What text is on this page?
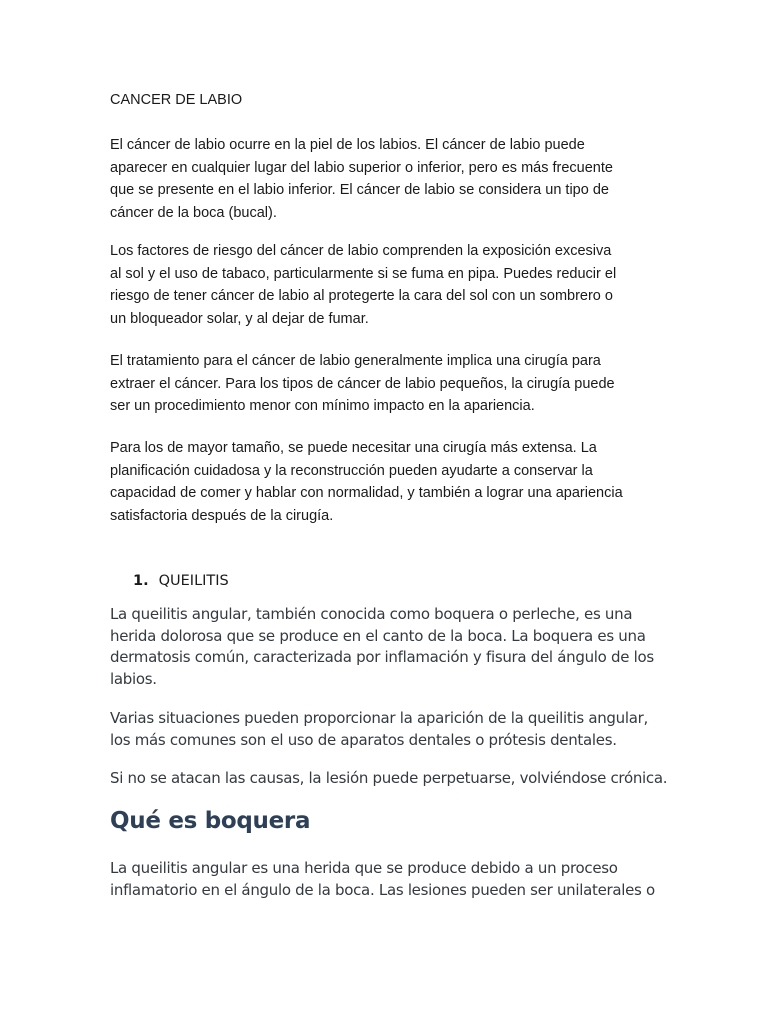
CANCER DE LABIO
El cáncer de labio ocurre en la piel de los labios. El cáncer de labio puede
aparecer en cualquier lugar del labio superior o inferior, pero es más frecuente
que se presente en el labio inferior. El cáncer de labio se considera un tipo de
cáncer de la boca (bucal).
Los factores de riesgo del cáncer de labio comprenden la exposición excesiva
al sol y el uso de tabaco, particularmente si se fuma en pipa. Puedes reducir el
riesgo de tener cáncer de labio al protegerte la cara del sol con un sombrero o
un bloqueador solar, y al dejar de fumar.
El tratamiento para el cáncer de labio generalmente implica una cirugía para
extraer el cáncer. Para los tipos de cáncer de labio pequeños, la cirugía puede
ser un procedimiento menor con mínimo impacto en la apariencia.
Para los de mayor tamaño, se puede necesitar una cirugía más extensa. La
planificación cuidadosa y la reconstrucción pueden ayudarte a conservar la
capacidad de comer y hablar con normalidad, y también a lograr una apariencia
satisfactoria después de la cirugía.
1. QUEILITIS
La queilitis angular, también conocida como boquera o perleche, es una
herida dolorosa que se produce en el canto de la boca. La boquera es una
dermatosis común, caracterizada por inflamación y fisura del ángulo de los
labios.
Varias situaciones pueden proporcionar la aparición de la queilitis angular,
los más comunes son el uso de aparatos dentales o prótesis dentales.
Si no se atacan las causas, la lesión puede perpetuarse, volviéndose crónica.
Qué es boquera
La queilitis angular es una herida que se produce debido a un proceso
inflamatorio en el ángulo de la boca. Las lesiones pueden ser unilaterales o
